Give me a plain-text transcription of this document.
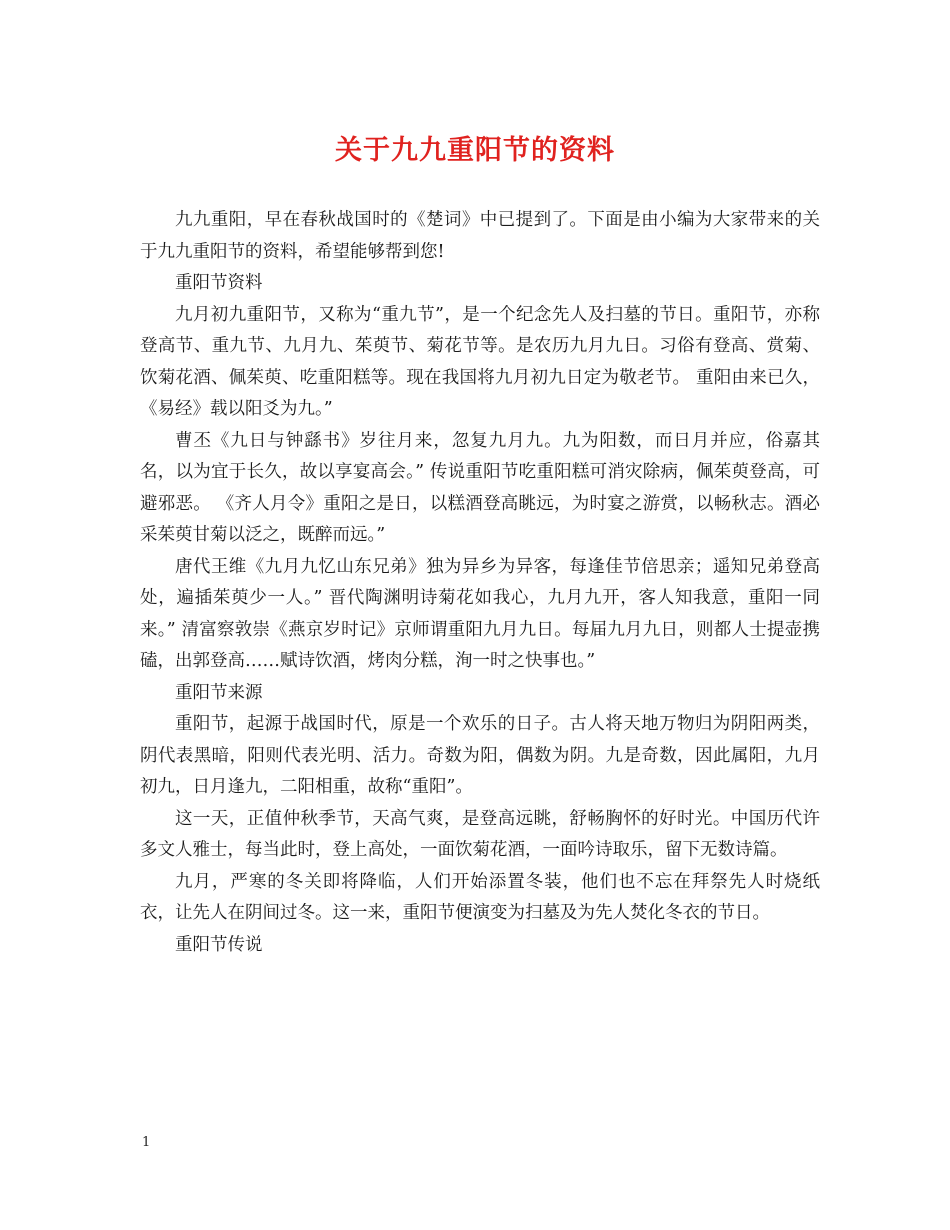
关于九九重阳节的资料

九九重阳，早在春秋战国时的《楚词》中已提到了。下面是由小编为大家带来的关于九九重阳节的资料，希望能够帮到您!

重阳节资料

九月初九重阳节，又称为“重九节”，是一个纪念先人及扫墓的节日。重阳节，亦称登高节、重九节、九月九、茱萸节、菊花节等。是农历九月九日。习俗有登高、赏菊、饮菊花酒、佩茱萸、吃重阳糕等。现在我国将九月初九日定为敬老节。 重阳由来已久，《易经》载以阳爻为九。”

曹丕《九日与钟繇书》岁往月来，忽复九月九。九为阳数，而日月并应，俗嘉其名，以为宜于长久，故以享宴高会。” 传说重阳节吃重阳糕可消灾除病，佩茱萸登高，可避邪恶。 《齐人月令》重阳之是日，以糕酒登高眺远，为时宴之游赏，以畅秋志。酒必采茱萸甘菊以泛之，既醉而远。”

唐代王维《九月九忆山东兄弟》独为异乡为异客，每逢佳节倍思亲；遥知兄弟登高处，遍插茱萸少一人。” 晋代陶渊明诗菊花如我心，九月九开，客人知我意，重阳一同来。” 清富察敦崇《燕京岁时记》京师谓重阳九月九日。每届九月九日，则都人士提壶携磕，出郭登高……赋诗饮酒，烤肉分糕，洵一时之快事也。”

重阳节来源

重阳节，起源于战国时代，原是一个欢乐的日子。古人将天地万物归为阴阳两类，阴代表黑暗，阳则代表光明、活力。奇数为阳，偶数为阴。九是奇数，因此属阳，九月初九，日月逢九，二阳相重，故称“重阳”。

这一天，正值仲秋季节，天高气爽，是登高远眺，舒畅胸怀的好时光。中国历代许多文人雅士，每当此时，登上高处，一面饮菊花酒，一面吟诗取乐，留下无数诗篇。

九月，严寒的冬关即将降临，人们开始添置冬装，他们也不忘在拜祭先人时烧纸衣，让先人在阴间过冬。这一来，重阳节便演变为扫墓及为先人焚化冬衣的节日。

重阳节传说

1
